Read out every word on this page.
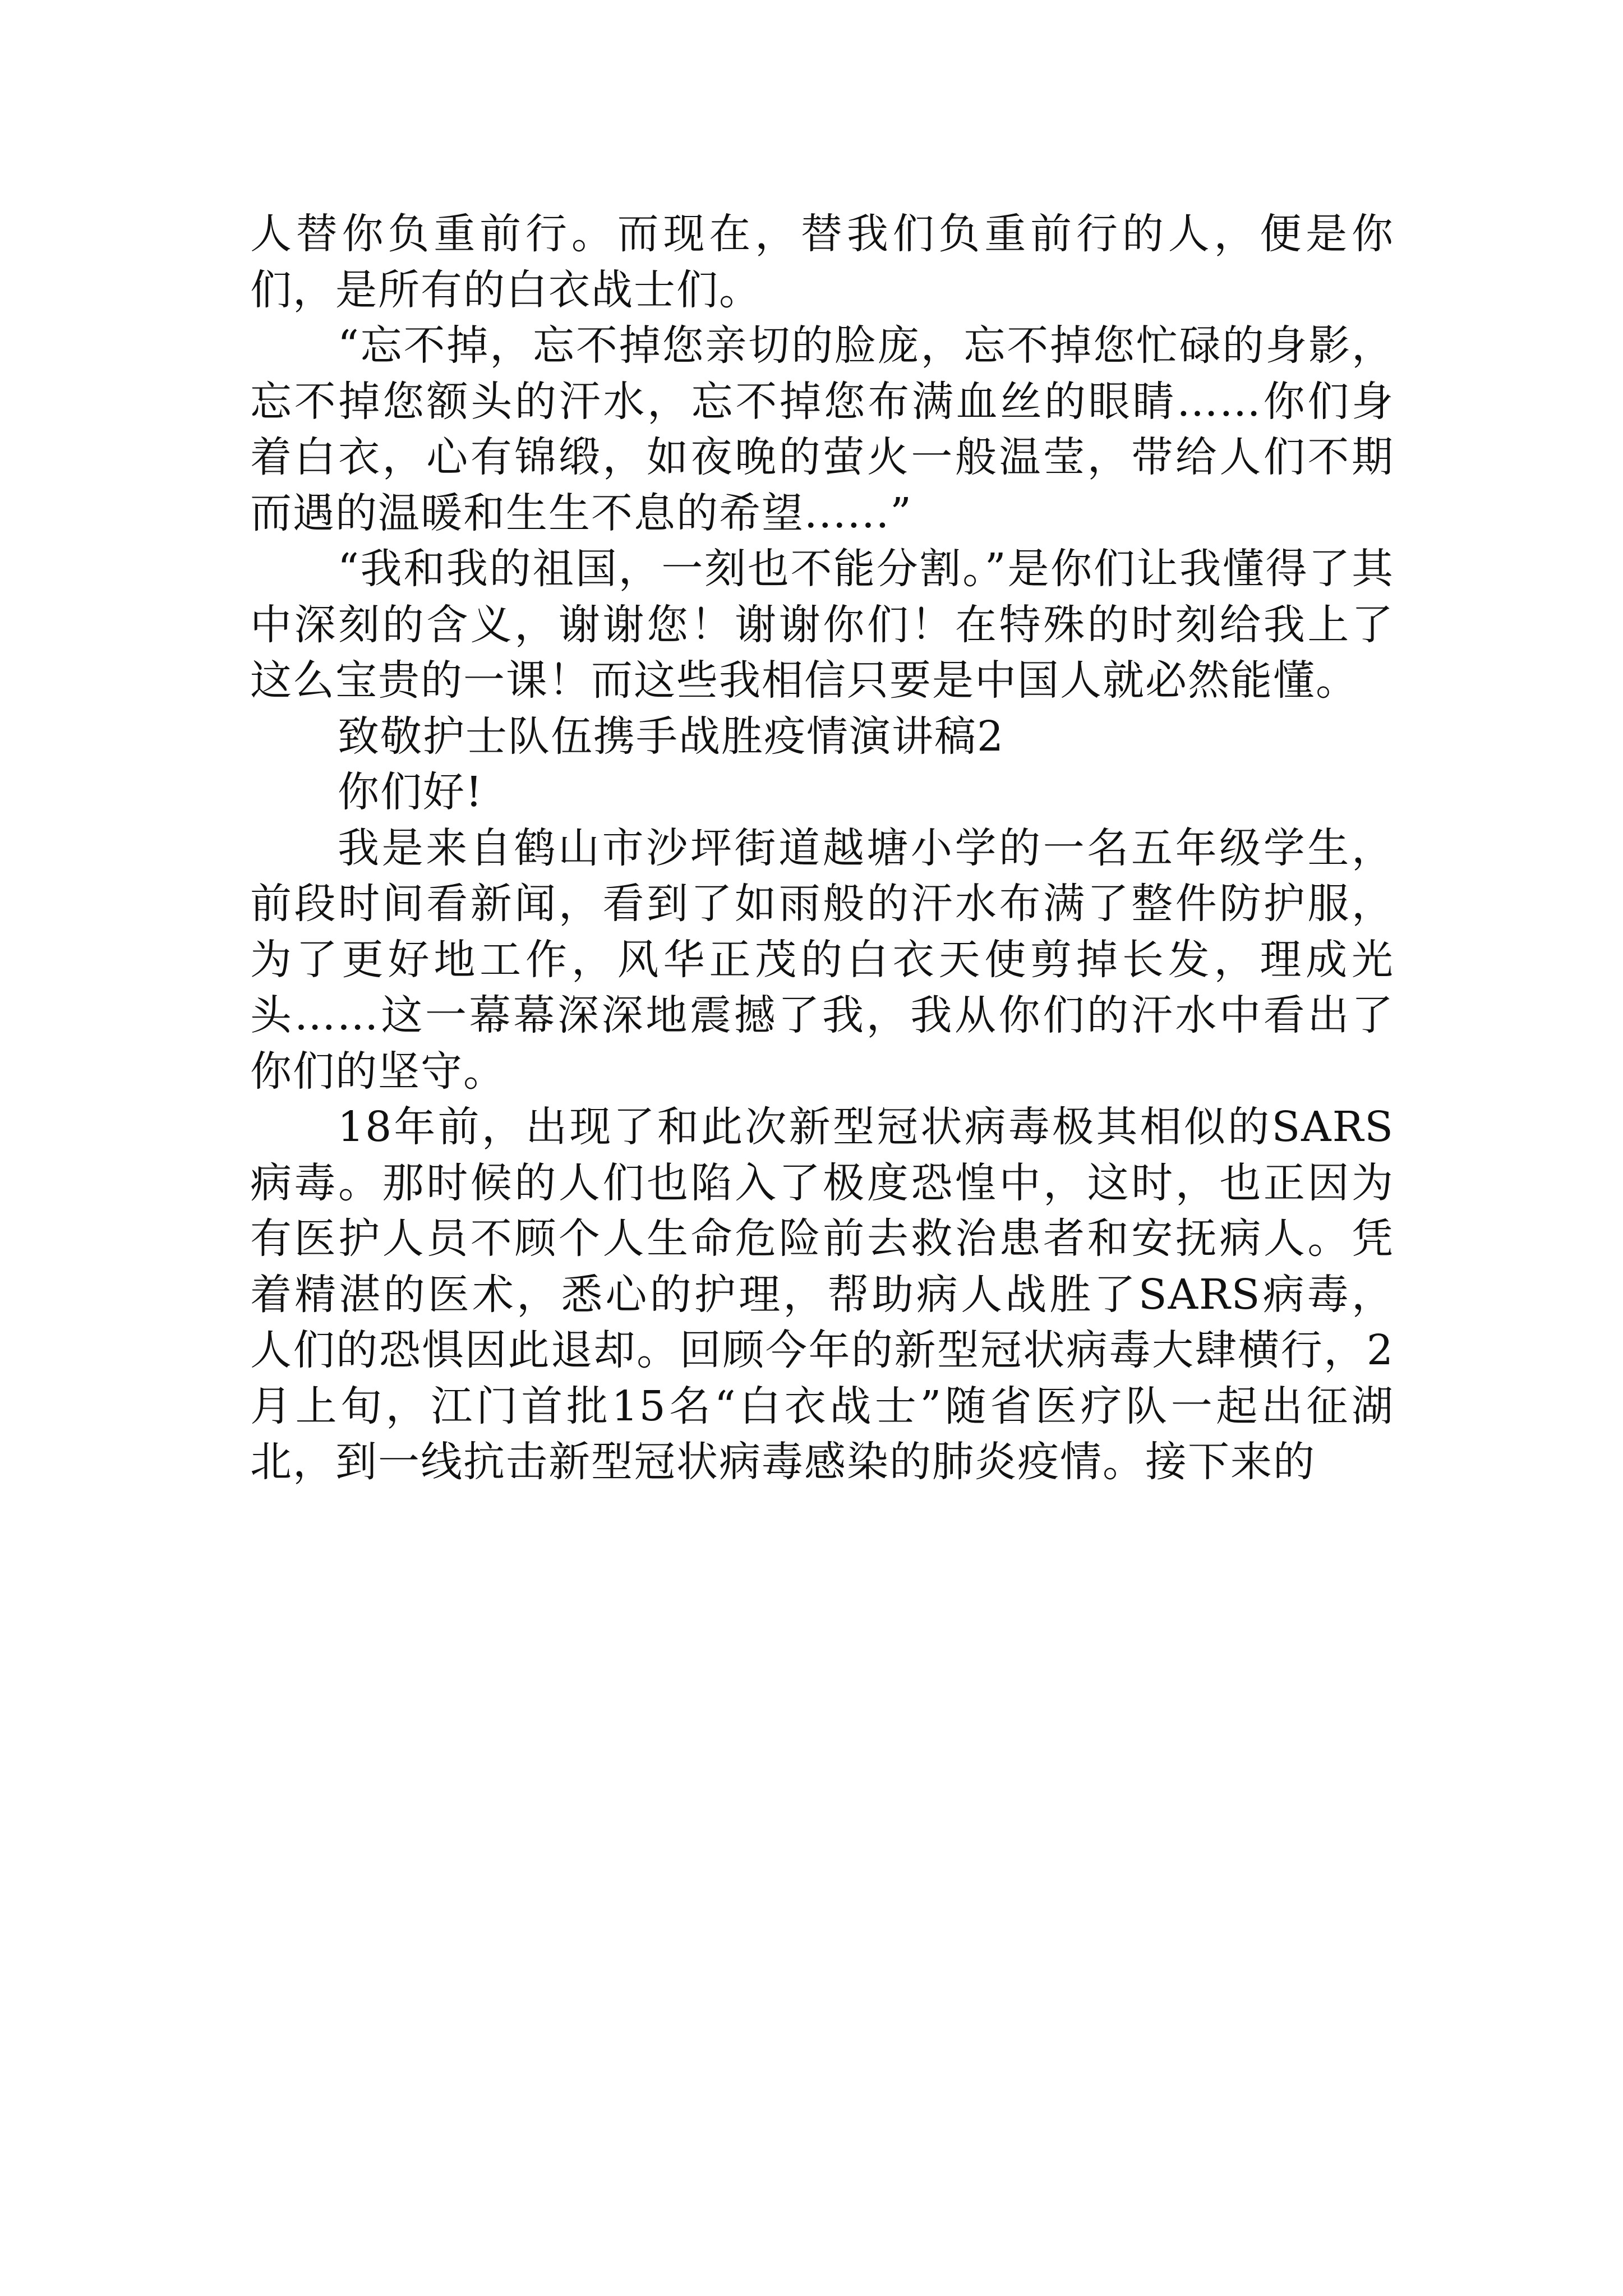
人替你负重前行。而现在，替我们负重前行的人，便是你们，是所有的白衣战士们。

“忘不掉，忘不掉您亲切的脸庞，忘不掉您忙碌的身影，忘不掉您额头的汗水，忘不掉您布满血丝的眼睛……你们身着白衣，心有锦缎，如夜晚的萤火一般温莹，带给人们不期而遇的温暖和生生不息的希望......”

“我和我的祖国，一刻也不能分割。”是你们让我懂得了其中深刻的含义，谢谢您！谢谢你们！在特殊的时刻给我上了这么宝贵的一课！而这些我相信只要是中国人就必然能懂。

致敬护士队伍携手战胜疫情演讲稿2

你们好!

我是来自鹤山市沙坪街道越塘小学的一名五年级学生，前段时间看新闻，看到了如雨般的汗水布满了整件防护服，为了更好地工作，风华正茂的白衣天使剪掉长发，理成光头……这一幕幕深深地震撼了我，我从你们的汗水中看出了你们的坚守。

18年前，出现了和此次新型冠状病毒极其相似的SARS病毒。那时候的人们也陷入了极度恐惶中，这时，也正因为有医护人员不顾个人生命危险前去救治患者和安抚病人。凭着精湛的医术，悉心的护理，帮助病人战胜了SARS病毒，人们的恐惧因此退却。回顾今年的新型冠状病毒大肆横行，2月上旬，江门首批15名“白衣战士”随省医疗队一起出征湖北，到一线抗击新型冠状病毒感染的肺炎疫情。接下来的
